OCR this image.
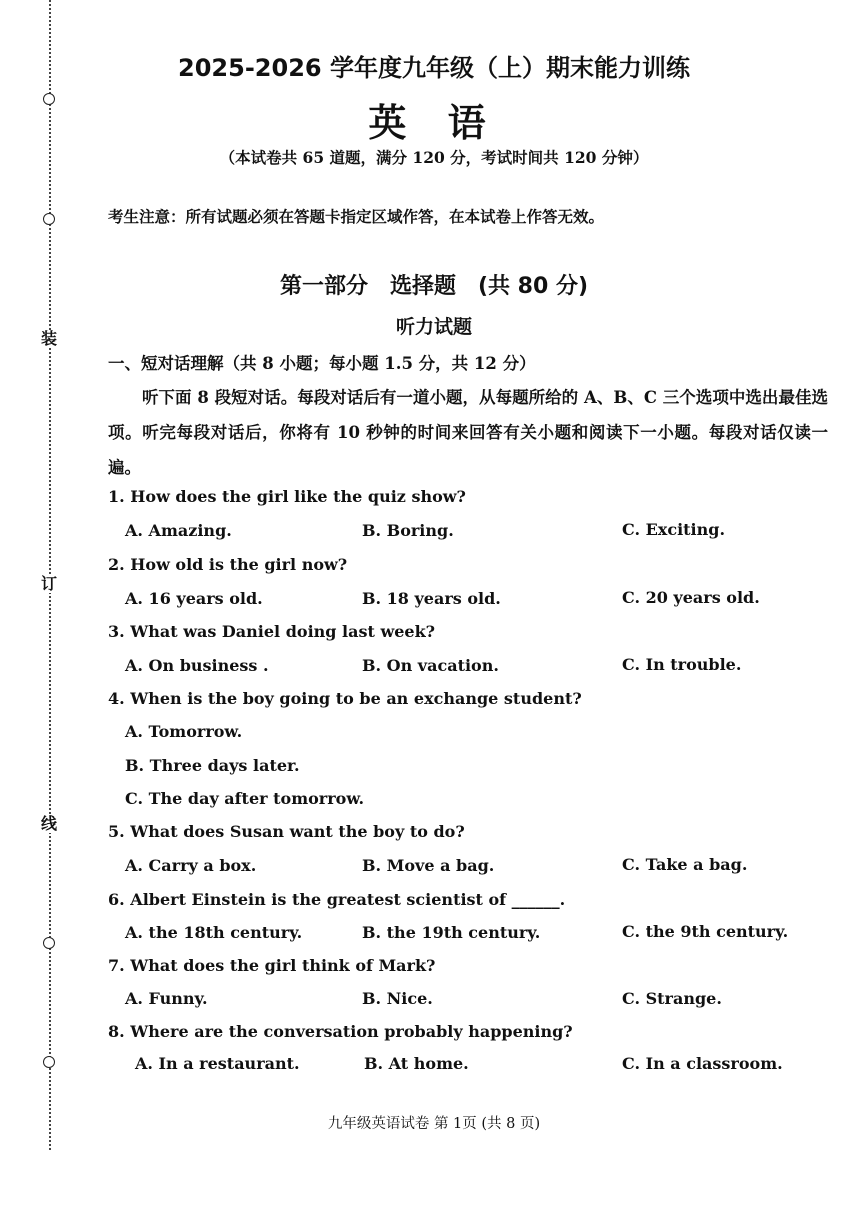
装
订
线
2025-2026 学年度九年级（上）期末能力训练
英 语
（本试卷共 65 道题，满分 120 分，考试时间共 120 分钟）
考生注意：所有试题必须在答题卡指定区域作答，在本试卷上作答无效。
第一部分　选择题　(共 80 分)
听力试题
一、短对话理解（共 8 小题；每小题 1.5 分，共 12 分）
听下面 8 段短对话。每段对话后有一道小题，从每题所给的 A、B、C 三个选项中选出最佳选项。听完每段对话后，你将有 10 秒钟的时间来回答有关小题和阅读下一小题。每段对话仅读一遍。
1. How does the girl like the quiz show?
A. Amazing.	B. Boring.	C. Exciting.
2. How old is the girl now?
A. 16 years old.	B. 18 years old.	C. 20 years old.
3. What was Daniel doing last week?
A. On business .	B. On vacation.	C. In trouble.
4. When is the boy going to be an exchange student?
A. Tomorrow.
B. Three days later.
C. The day after tomorrow.
5. What does Susan want the boy to do?
A. Carry a box.	B. Move a bag.	C. Take a bag.
6. Albert Einstein is the greatest scientist of ______.
A. the 18th century.	B. the 19th century.	C. the 9th century.
7. What does the girl think of Mark?
A. Funny.	B. Nice.	C. Strange.
8. Where are the conversation probably happening?
A. In a restaurant.	B. At home.	C. In a classroom.
九年级英语试卷 第 1页 (共 8 页)
